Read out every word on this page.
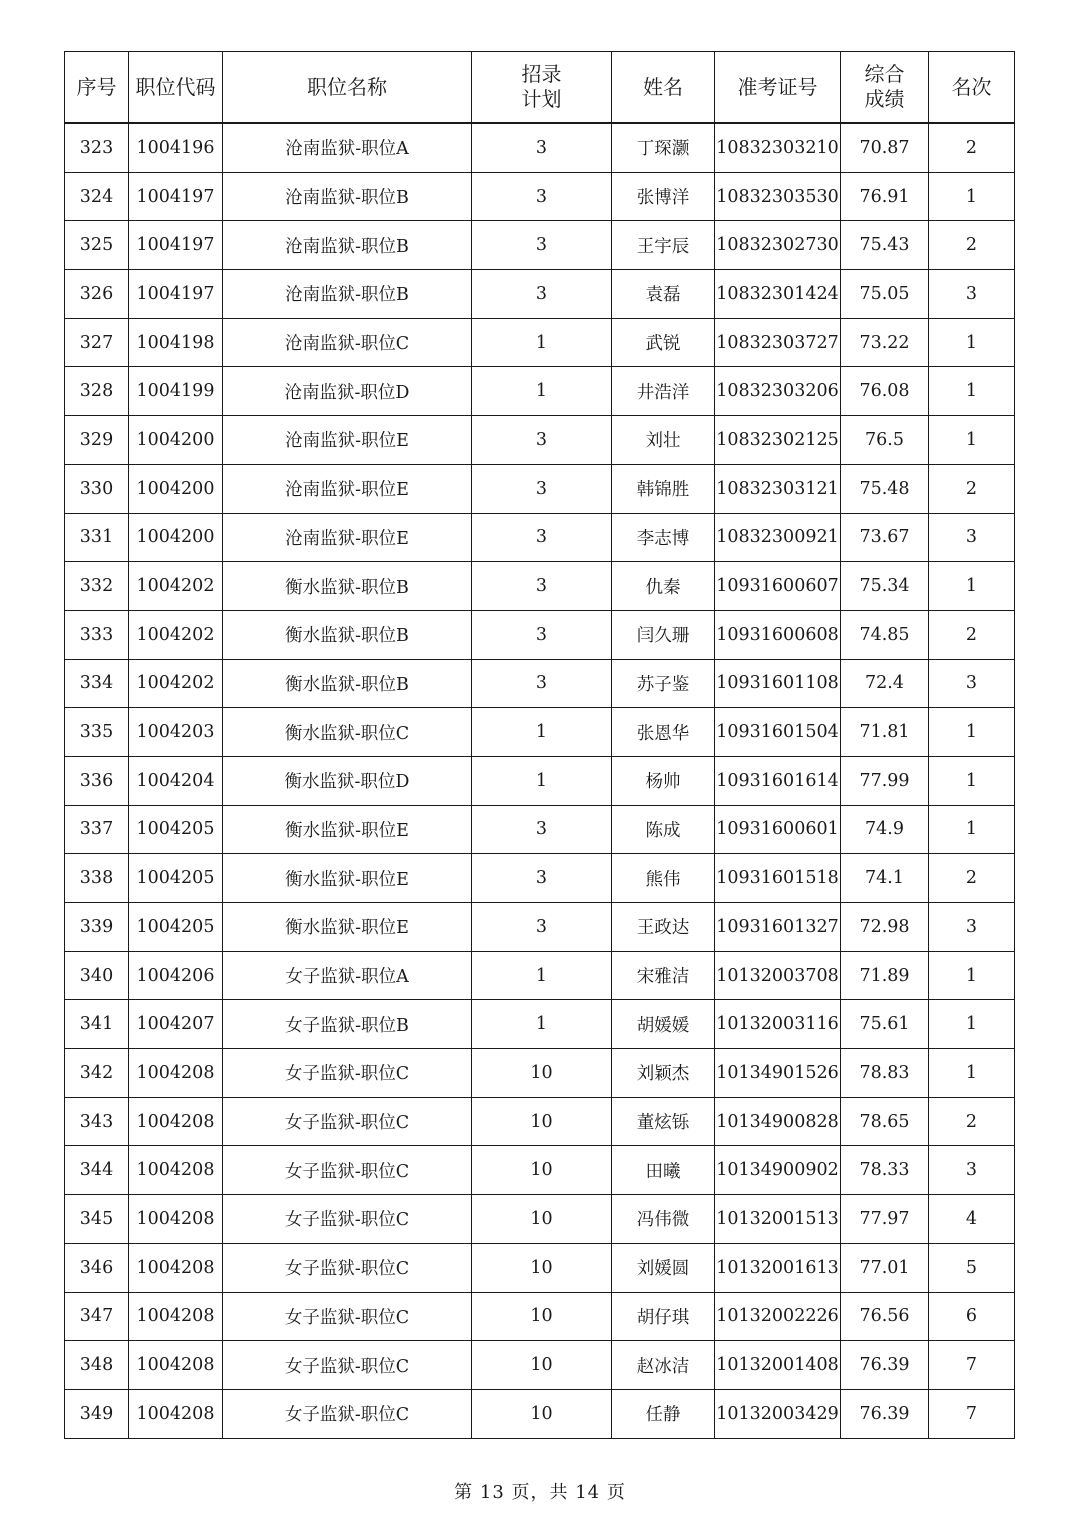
序号	职位代码	职位名称	招录计划	姓名	准考证号	综合成绩	名次
323	1004196	沧南监狱-职位A	3	丁琛灏	10832303210	70.87	2
324	1004197	沧南监狱-职位B	3	张博洋	10832303530	76.91	1
325	1004197	沧南监狱-职位B	3	王宇辰	10832302730	75.43	2
326	1004197	沧南监狱-职位B	3	袁磊	10832301424	75.05	3
327	1004198	沧南监狱-职位C	1	武锐	10832303727	73.22	1
328	1004199	沧南监狱-职位D	1	井浩洋	10832303206	76.08	1
329	1004200	沧南监狱-职位E	3	刘壮	10832302125	76.5	1
330	1004200	沧南监狱-职位E	3	韩锦胜	10832303121	75.48	2
331	1004200	沧南监狱-职位E	3	李志博	10832300921	73.67	3
332	1004202	衡水监狱-职位B	3	仇秦	10931600607	75.34	1
333	1004202	衡水监狱-职位B	3	闫久珊	10931600608	74.85	2
334	1004202	衡水监狱-职位B	3	苏子鉴	10931601108	72.4	3
335	1004203	衡水监狱-职位C	1	张恩华	10931601504	71.81	1
336	1004204	衡水监狱-职位D	1	杨帅	10931601614	77.99	1
337	1004205	衡水监狱-职位E	3	陈成	10931600601	74.9	1
338	1004205	衡水监狱-职位E	3	熊伟	10931601518	74.1	2
339	1004205	衡水监狱-职位E	3	王政达	10931601327	72.98	3
340	1004206	女子监狱-职位A	1	宋雅洁	10132003708	71.89	1
341	1004207	女子监狱-职位B	1	胡媛媛	10132003116	75.61	1
342	1004208	女子监狱-职位C	10	刘颖杰	10134901526	78.83	1
343	1004208	女子监狱-职位C	10	董炫铄	10134900828	78.65	2
344	1004208	女子监狱-职位C	10	田曦	10134900902	78.33	3
345	1004208	女子监狱-职位C	10	冯伟微	10132001513	77.97	4
346	1004208	女子监狱-职位C	10	刘媛圆	10132001613	77.01	5
347	1004208	女子监狱-职位C	10	胡仔琪	10132002226	76.56	6
348	1004208	女子监狱-职位C	10	赵冰洁	10132001408	76.39	7
349	1004208	女子监狱-职位C	10	任静	10132003429	76.39	7
第 13 页，共 14 页
